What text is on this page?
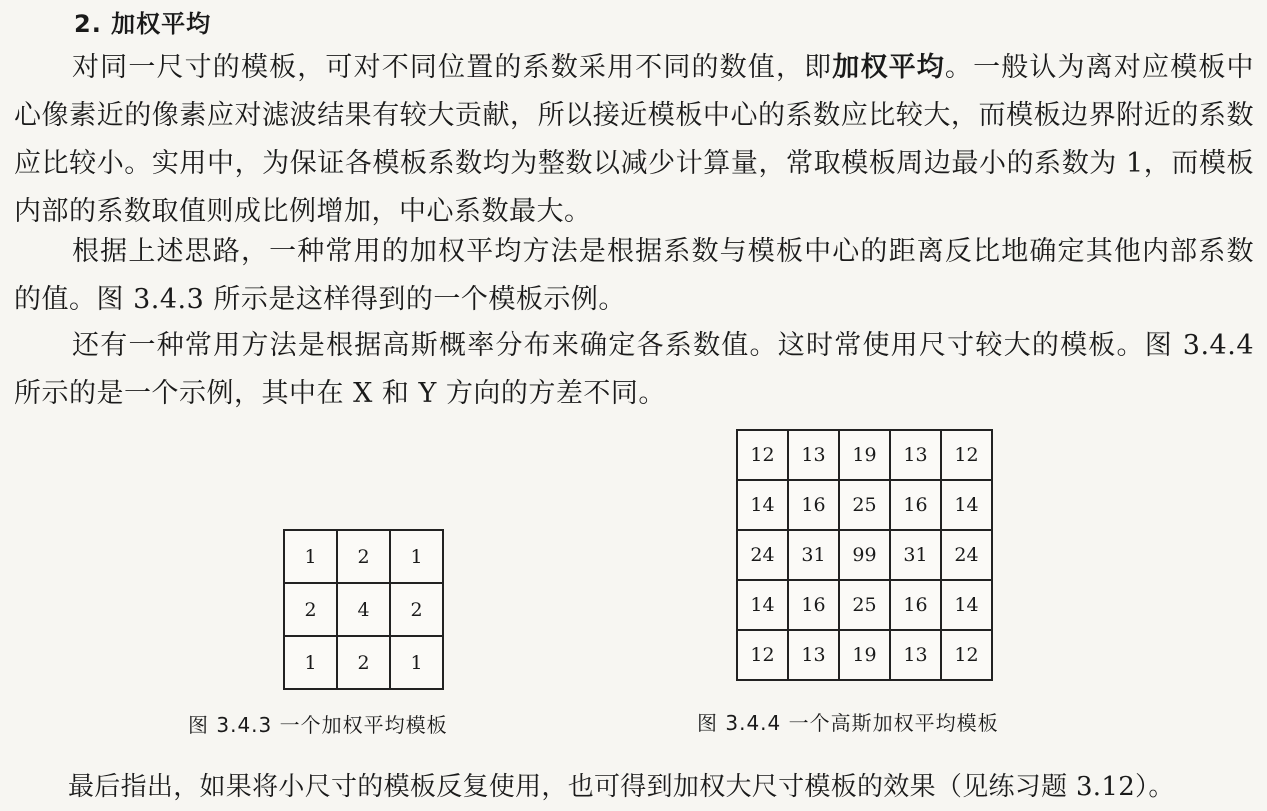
2. 加权平均
对同一尺寸的模板，可对不同位置的系数采用不同的数值，即加权平均。一般认为离对应模板中心像素近的像素应对滤波结果有较大贡献，所以接近模板中心的系数应比较大，而模板边界附近的系数应比较小。实用中，为保证各模板系数均为整数以减少计算量，常取模板周边最小的系数为 1，而模板内部的系数取值则成比例增加，中心系数最大。
根据上述思路，一种常用的加权平均方法是根据系数与模板中心的距离反比地确定其他内部系数的值。图 3.4.3 所示是这样得到的一个模板示例。
还有一种常用方法是根据高斯概率分布来确定各系数值。这时常使用尺寸较大的模板。图 3.4.4 所示的是一个示例，其中在 X 和 Y 方向的方差不同。
1	2	1
2	4	2
1	2	1
图 3.4.3 一个加权平均模板
12	13	19	13	12
14	16	25	16	14
24	31	99	31	24
14	16	25	16	14
12	13	19	13	12
图 3.4.4 一个高斯加权平均模板
最后指出，如果将小尺寸的模板反复使用，也可得到加权大尺寸模板的效果（见练习题 3.12）。
